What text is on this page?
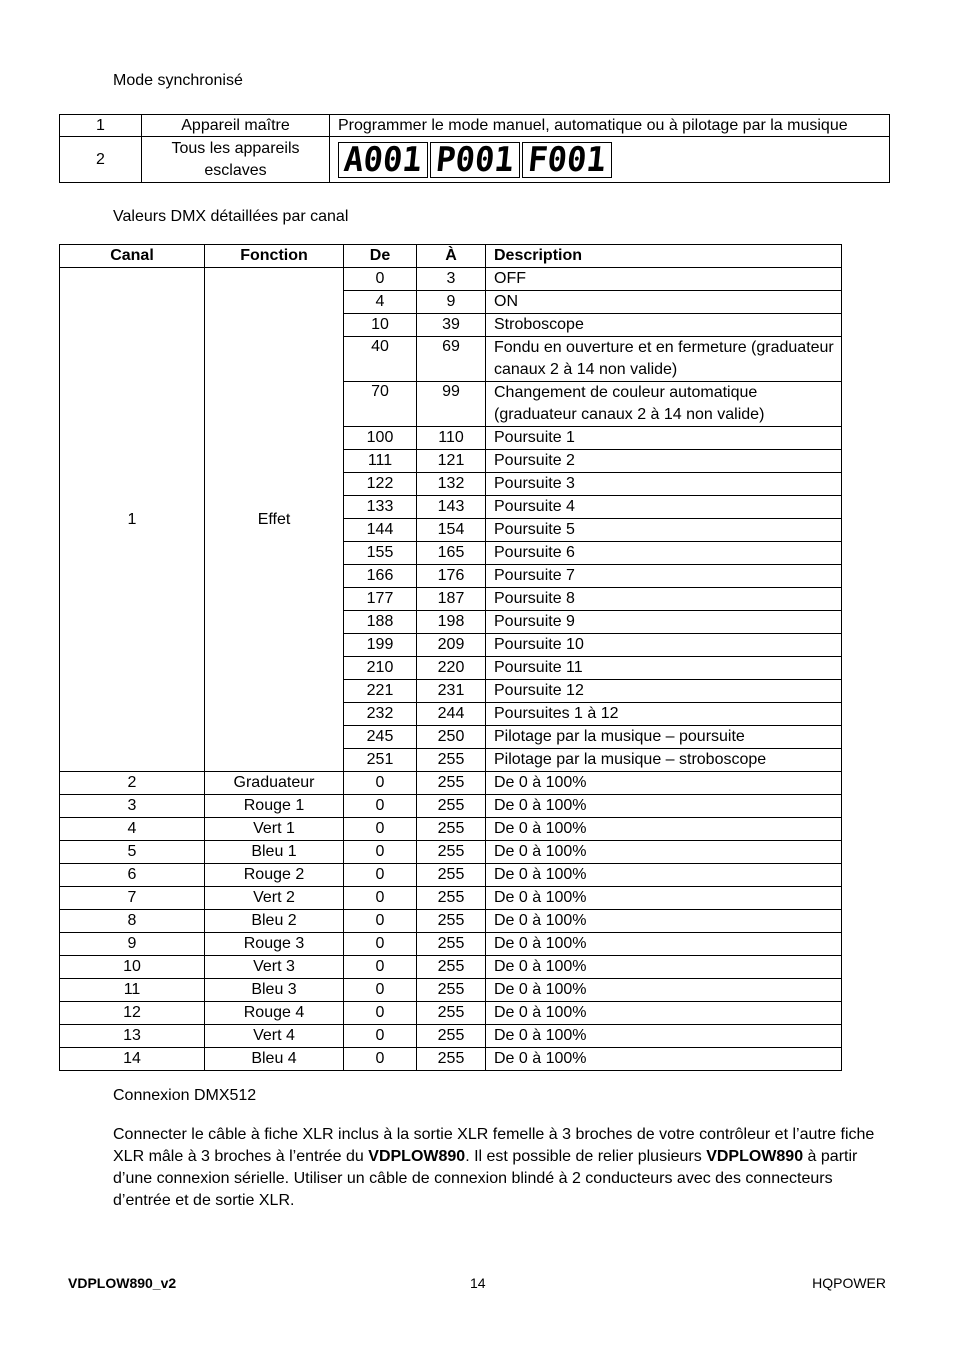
Mode synchronisé
1	Appareil maître	Programmer le mode manuel, automatique ou à pilotage par la musique
2	Tous les appareils esclaves	A001 P001 F001
Valeurs DMX détaillées par canal
Canal	Fonction	De	À	Description
1	Effet	0	3	OFF
		4	9	ON
		10	39	Stroboscope
		40	69	Fondu en ouverture et en fermeture (graduateur canaux 2 à 14 non valide)
		70	99	Changement de couleur automatique (graduateur canaux 2 à 14 non valide)
		100	110	Poursuite 1
		111	121	Poursuite 2
		122	132	Poursuite 3
		133	143	Poursuite 4
		144	154	Poursuite 5
		155	165	Poursuite 6
		166	176	Poursuite 7
		177	187	Poursuite 8
		188	198	Poursuite 9
		199	209	Poursuite 10
		210	220	Poursuite 11
		221	231	Poursuite 12
		232	244	Poursuites 1 à 12
		245	250	Pilotage par la musique – poursuite
		251	255	Pilotage par la musique – stroboscope
2	Graduateur	0	255	De 0 à 100%
3	Rouge 1	0	255	De 0 à 100%
4	Vert 1	0	255	De 0 à 100%
5	Bleu 1	0	255	De 0 à 100%
6	Rouge 2	0	255	De 0 à 100%
7	Vert 2	0	255	De 0 à 100%
8	Bleu 2	0	255	De 0 à 100%
9	Rouge 3	0	255	De 0 à 100%
10	Vert 3	0	255	De 0 à 100%
11	Bleu 3	0	255	De 0 à 100%
12	Rouge 4	0	255	De 0 à 100%
13	Vert 4	0	255	De 0 à 100%
14	Bleu 4	0	255	De 0 à 100%
Connexion DMX512
Connecter le câble à fiche XLR inclus à la sortie XLR femelle à 3 broches de votre contrôleur et l’autre fiche XLR mâle à 3 broches à l’entrée du VDPLOW890. Il est possible de relier plusieurs VDPLOW890 à partir d’une connexion sérielle. Utiliser un câble de connexion blindé à 2 conducteurs avec des connecteurs d’entrée et de sortie XLR.
VDPLOW890_v2	14	HQPOWER
